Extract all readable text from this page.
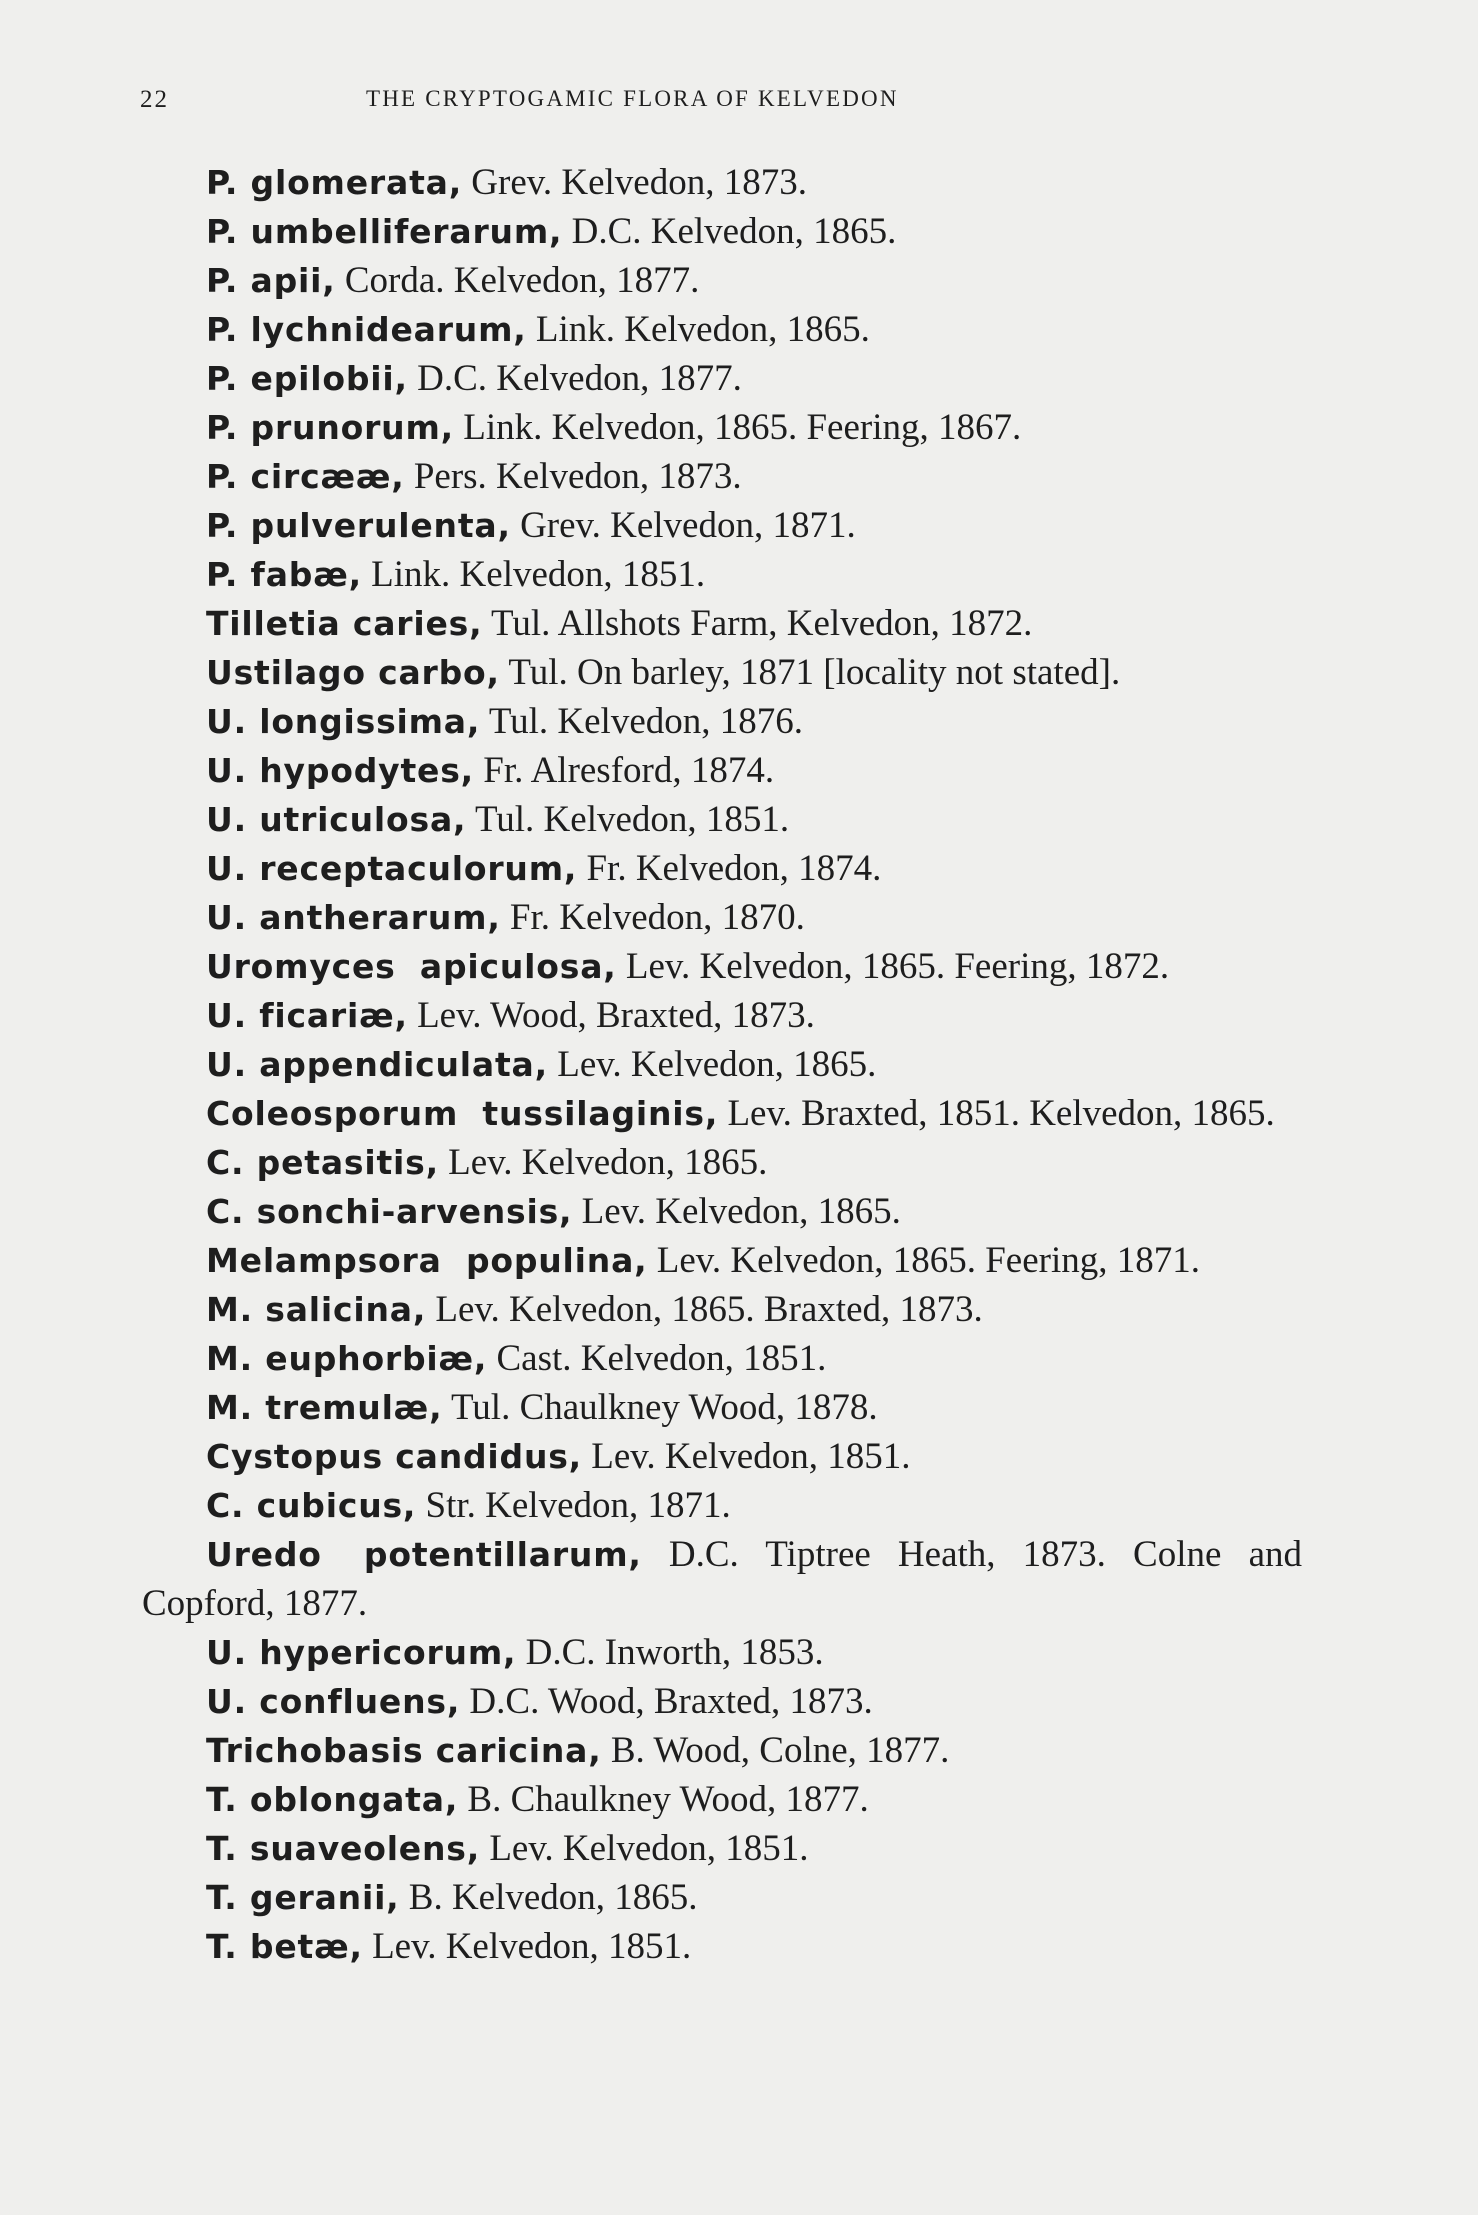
22	THE CRYPTOGAMIC FLORA OF KELVEDON
P. glomerata, Grev. Kelvedon, 1873.
P. umbelliferarum, D.C. Kelvedon, 1865.
P. apii, Corda. Kelvedon, 1877.
P. lychnidearum, Link. Kelvedon, 1865.
P. epilobii, D.C. Kelvedon, 1877.
P. prunorum, Link. Kelvedon, 1865. Feering, 1867.
P. circææ, Pers. Kelvedon, 1873.
P. pulverulenta, Grev. Kelvedon, 1871.
P. fabæ, Link. Kelvedon, 1851.
Tilletia caries, Tul. Allshots Farm, Kelvedon, 1872.
Ustilago carbo, Tul. On barley, 1871 [locality not stated].
U. longissima, Tul. Kelvedon, 1876.
U. hypodytes, Fr. Alresford, 1874.
U. utriculosa, Tul. Kelvedon, 1851.
U. receptaculorum, Fr. Kelvedon, 1874.
U. antherarum, Fr. Kelvedon, 1870.
Uromyces apiculosa, Lev. Kelvedon, 1865. Feering, 1872.
U. ficariæ, Lev. Wood, Braxted, 1873.
U. appendiculata, Lev. Kelvedon, 1865.
Coleosporum tussilaginis, Lev. Braxted, 1851. Kelvedon, 1865.
C. petasitis, Lev. Kelvedon, 1865.
C. sonchi-arvensis, Lev. Kelvedon, 1865.
Melampsora populina, Lev. Kelvedon, 1865. Feering, 1871.
M. salicina, Lev. Kelvedon, 1865. Braxted, 1873.
M. euphorbiæ, Cast. Kelvedon, 1851.
M. tremulæ, Tul. Chaulkney Wood, 1878.
Cystopus candidus, Lev. Kelvedon, 1851.
C. cubicus, Str. Kelvedon, 1871.
Uredo potentillarum, D.C. Tiptree Heath, 1873. Colne and Copford, 1877.
U. hypericorum, D.C. Inworth, 1853.
U. confluens, D.C. Wood, Braxted, 1873.
Trichobasis caricina, B. Wood, Colne, 1877.
T. oblongata, B. Chaulkney Wood, 1877.
T. suaveolens, Lev. Kelvedon, 1851.
T. geranii, B. Kelvedon, 1865.
T. betæ, Lev. Kelvedon, 1851.
